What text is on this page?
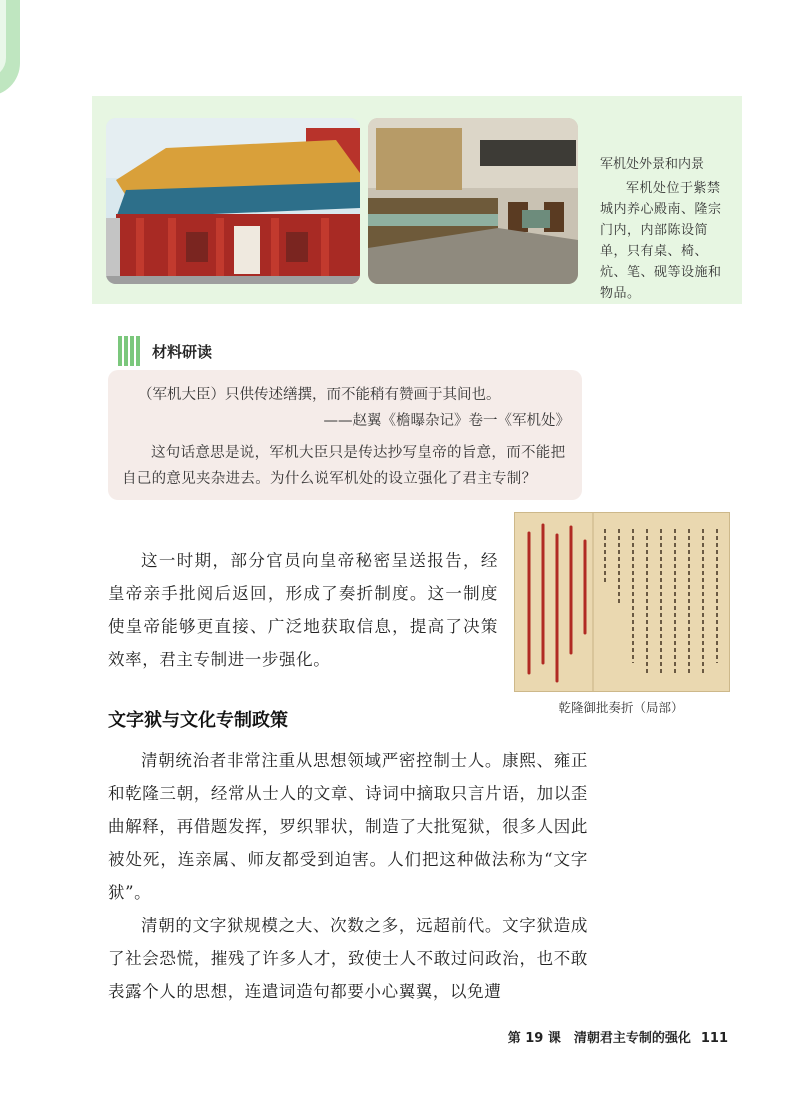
军机处外景和内景
军机处位于紫禁城内养心殿南、隆宗门内，内部陈设简单，只有桌、椅、炕、笔、砚等设施和物品。
材料研读
（军机大臣）只供传述缮撰，而不能稍有赞画于其间也。
——赵翼《檐曝杂记》卷一《军机处》
这句话意思是说，军机大臣只是传达抄写皇帝的旨意，而不能把自己的意见夹杂进去。为什么说军机处的设立强化了君主专制？
乾隆御批奏折（局部）
这一时期，部分官员向皇帝秘密呈送报告，经皇帝亲手批阅后返回，形成了奏折制度。这一制度使皇帝能够更直接、广泛地获取信息，提高了决策效率，君主专制进一步强化。
文字狱与文化专制政策
清朝统治者非常注重从思想领域严密控制士人。康熙、雍正和乾隆三朝，经常从士人的文章、诗词中摘取只言片语，加以歪曲解释，再借题发挥，罗织罪状，制造了大批冤狱，很多人因此被处死，连亲属、师友都受到迫害。人们把这种做法称为“文字狱”。
清朝的文字狱规模之大、次数之多，远超前代。文字狱造成了社会恐慌，摧残了许多人才，致使士人不敢过问政治，也不敢表露个人的思想，连遣词造句都要小心翼翼，以免遭
第 19 课　清朝君主专制的强化 111
